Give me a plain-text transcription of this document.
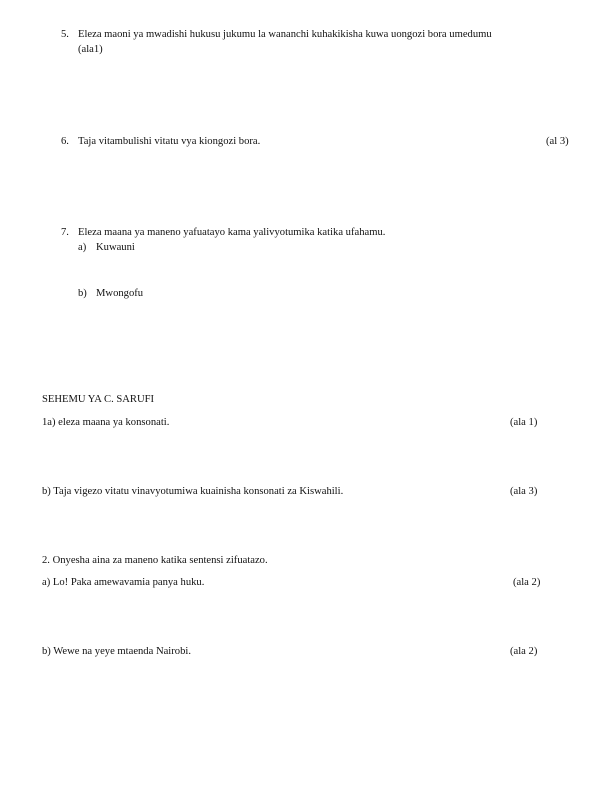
5. Eleza maoni ya mwadishi hukusu jukumu la wananchi kuhakikisha kuwa uongozi bora umedumu
(ala1)
6. Taja vitambulishi vitatu vya kiongozi bora.	(al 3)
7. Eleza maana ya maneno yafuatayo kama yalivyotumika katika ufahamu.
a) Kuwauni
b) Mwongofu
SEHEMU YA C. SARUFI
1a) eleza maana ya konsonati.	(ala 1)
b) Taja vigezo vitatu vinavyotumiwa kuainisha konsonati za Kiswahili.	(ala 3)
2. Onyesha aina za maneno katika sentensi zifuatazo.
a) Lo! Paka amewavamia panya huku.	(ala 2)
b) Wewe na yeye mtaenda Nairobi.	(ala 2)
